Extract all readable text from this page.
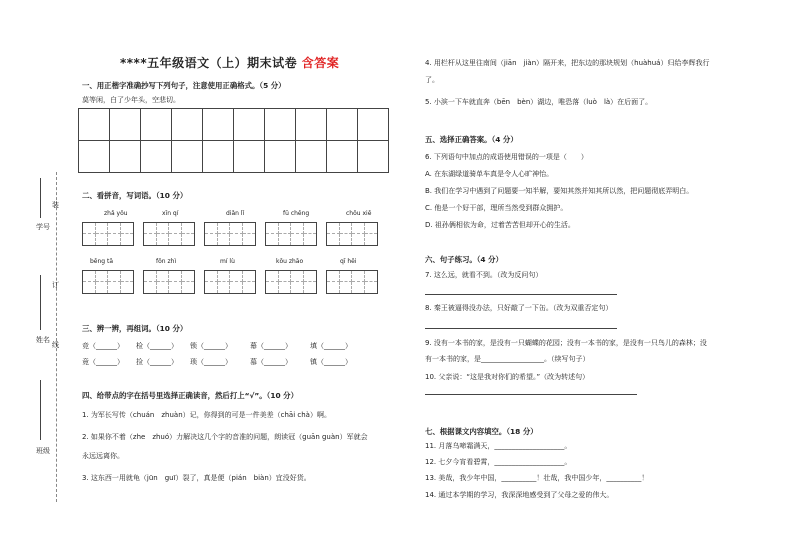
****五年级语文（上）期末试卷 含答案
装
订
线
学号
姓名
班级
一、用正楷字准确抄写下列句子，注意使用正确格式。（5 分）
莫等闲，白了少年头，空悲切。
二、看拼音，写词语。（10 分）
zhǎ yǒu	xīn qí	diǎn lǐ	fū chěng	chōu xiē
bēng tā	fǒn zhì	mí lù	kōu zhāo	qī hēi
三、辨一辨，再组词。（10 分）
竞（______） 检（______） 锁（______）	幕（______）	填（______）
竟（______） 捡（______） 琐（______）	慕（______）	镇（______）
四、给带点的字在括号里选择正确读音，然后打上“√”。（10 分）
1. 为军长写传（chuán　zhuàn）记，你得到的可是一件美差（chāi chà）啊。
2. 如果你不着（zhe　zhuó）力解决这几个字的音准的问题，朗读冠（guān guàn）军就会
永远远离你。
3. 这东西一用就龟（jūn　guī）裂了，真是便（pián　biàn）宜没好货。
4. 用栏杆从这里往南间（jiān　jiàn）隔开来，把东边的那块规划（huàhuá）归给李辉我行
了。
5. 小滨一下车就直奔（bēn　bèn）湖边，唯恐落（luò　là）在后面了。
五、选择正确答案。（4 分）
6. 下列语句中加点的成语使用错误的一项是（　　）
A. 在东湖绿道骑单车真是令人心旷神怡。
B. 我们在学习中遇到了问题要一知半解，要知其然并知其所以然，把问题彻底弄明白。
C. 他是一个好干部，理所当然受到群众拥护。
D. 祖孙俩相依为命，过着苦苦但却开心的生活。
六、句子练习。（4 分）
7. 这么远，就看不到。（改为反问句）
8. 秦王被逼得没办法，只好敲了一下缶。（改为双重否定句）
9. 没有一本书的家，是没有一只蝴蝶的花园；没有一本书的家，是没有一只鸟儿的森林；没
有一本书的家，是__________________。（续写句子）
10. 父亲说：“这是我对你们的希望。”（改为转述句）
七、根据课文内容填空。（18 分）
11. 月落乌啼霜满天，____________________。
12. 七夕今宵看碧霄，____________________。
13. 美哉，我少年中国，__________！壮哉，我中国少年，__________！
14. 通过本学期的学习，我深深地感受到了父母之爱的伟大。
